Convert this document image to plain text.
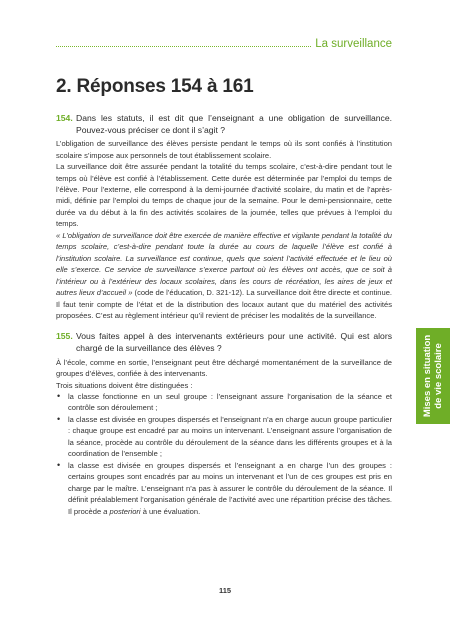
La surveillance
2. Réponses 154 à 161
154. Dans les statuts, il est dit que l’enseignant a une obligation de surveillance. Pouvez-vous préciser ce dont il s’agit ?

L’obligation de surveillance des élèves persiste pendant le temps où ils sont confiés à l’institution scolaire s’impose aux personnels de tout établissement scolaire.

La surveillance doit être assurée pendant la totalité du temps scolaire, c’est-à-dire pendant tout le temps où l’élève est confié à l’établissement. Cette durée est déterminée par l’emploi du temps de l’élève. Pour l’externe, elle correspond à la demi-journée d’activité scolaire, du matin et de l’après-midi, définie par l’emploi du temps de chaque jour de la semaine. Pour le demi-pensionnaire, cette durée va du début à la fin des activités scolaires de la journée, telles que prévues à l’emploi du temps.

« L’obligation de surveillance doit être exercée de manière effective et vigilante pendant la totalité du temps scolaire, c’est-à-dire pendant toute la durée au cours de laquelle l’élève est confié à l’institution scolaire. La surveillance est continue, quels que soient l’activité effectuée et le lieu où elle s’exerce. Ce service de surveillance s’exerce partout où les élèves ont accès, que ce soit à l’intérieur ou à l’extérieur des locaux scolaires, dans les cours de récréation, les aires de jeux et autres lieux d’accueil » (code de l’éducation, D. 321-12). La surveillance doit être directe et continue. Il faut tenir compte de l’état et de la distribution des locaux autant que du matériel des activités proposées. C’est au règlement intérieur qu’il revient de préciser les modalités de la surveillance.

155. Vous faites appel à des intervenants extérieurs pour une activité. Qui est alors chargé de la surveillance des élèves ?

À l’école, comme en sortie, l’enseignant peut être déchargé momentanément de la surveillance de groupes d’élèves, confiée à des intervenants.

Trois situations doivent être distinguées :

• la classe fonctionne en un seul groupe : l’enseignant assure l’organisation de la séance et contrôle son déroulement ;
• la classe est divisée en groupes dispersés et l’enseignant n’a en charge aucun groupe particulier : chaque groupe est encadré par au moins un intervenant. L’enseignant assure l’organisation de la séance, procède au contrôle du déroulement de la séance dans les différents groupes et à la coordination de l’ensemble ;
• la classe est divisée en groupes dispersés et l’enseignant a en charge l’un des groupes : certains groupes sont encadrés par au moins un intervenant et l’un de ces groupes est pris en charge par le maître. L’enseignant n’a pas à assurer le contrôle du déroulement de la séance. Il définit préalablement l’organisation générale de l’activité avec une répartition précise des tâches. Il procède a posteriori à une évaluation.
Mises en situation de vie scolaire
115
